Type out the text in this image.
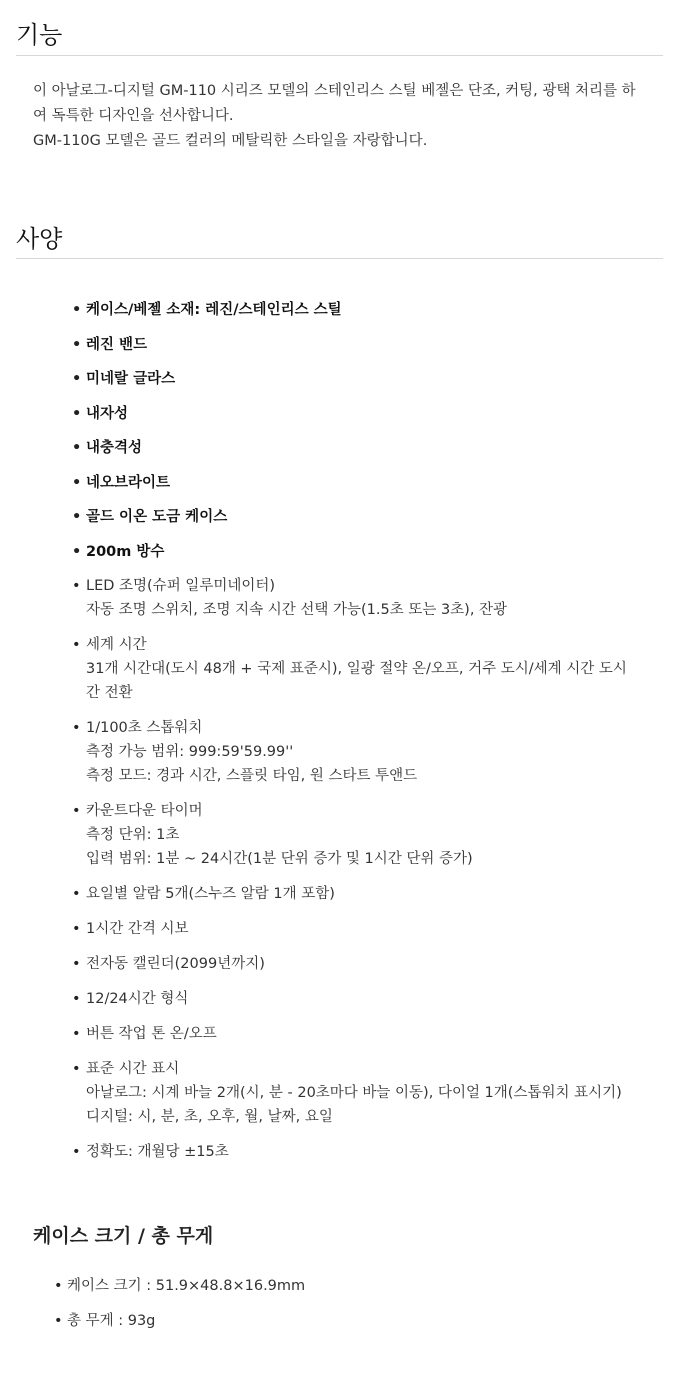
기능

이 아날로그-디지털 GM-110 시리즈 모델의 스테인리스 스틸 베젤은 단조, 커팅, 광택 처리를 하여 독특한 디자인을 선사합니다.

GM-110G 모델은 골드 컬러의 메탈릭한 스타일을 자랑합니다.

사양
• 케이스/베젤 소재: 레진/스테인리스 스틸
• 레진 밴드
• 미네랄 글라스
• 내자성
• 내충격성
• 네오브라이트
• 골드 이온 도금 케이스
• 200m 방수
• LED 조명(슈퍼 일루미네이터)
자동 조명 스위치, 조명 지속 시간 선택 가능(1.5초 또는 3초), 잔광
• 세계 시간
31개 시간대(도시 48개 + 국제 표준시), 일광 절약 온/오프, 거주 도시/세계 시간 도시 간 전환
• 1/100초 스톱워치
측정 가능 범위: 999:59'59.99''
측정 모드: 경과 시간, 스플릿 타임, 원 스타트 투앤드
• 카운트다운 타이머
측정 단위: 1초
입력 범위: 1분 ~ 24시간(1분 단위 증가 및 1시간 단위 증가)
• 요일별 알람 5개(스누즈 알람 1개 포함)
• 1시간 간격 시보
• 전자동 캘린더(2099년까지)
• 12/24시간 형식
• 버튼 작업 톤 온/오프
• 표준 시간 표시
아날로그: 시계 바늘 2개(시, 분 - 20초마다 바늘 이동), 다이얼 1개(스톱워치 표시기)
디지털: 시, 분, 초, 오후, 월, 날짜, 요일
• 정확도: 개월당 ±15초
케이스 크기 / 총 무게
• 케이스 크기 : 51.9×48.8×16.9mm
• 총 무게 : 93g
